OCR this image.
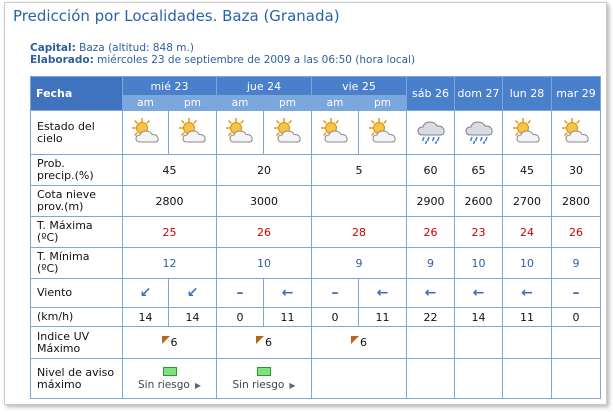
Predicción por Localidades. Baza (Granada)
Capital: Baza (altitud: 848 m.)
Elaborado: miércoles 23 de septiembre de 2009 a las 06:50 (hora local)
Fecha	mié 23		jue 24		vie 25		sáb 26	dom 27	lun 28	mar 29
	am	pm	am	pm	am	pm				

Estado del
cielo

Prob.
precip.(%)	45		20		5		60	65	45	30

Cota nieve
prov.(m)	2800		3000				2900	2600	2700	2800

T. Máxima
(ºC)	25		26		28		26	23	24	26

T. Mínima
(ºC)	12		10		9		9	10	10	9
Viento	↙	↙	–	←	–	←	←	←	←	–
(km/h)	14	14	0	11	0	11	22	14	11	0

Indice UV
Máximo	6		6		6					

Nivel de aviso
máximo	Sin riesgo ▶		Sin riesgo ▶							
